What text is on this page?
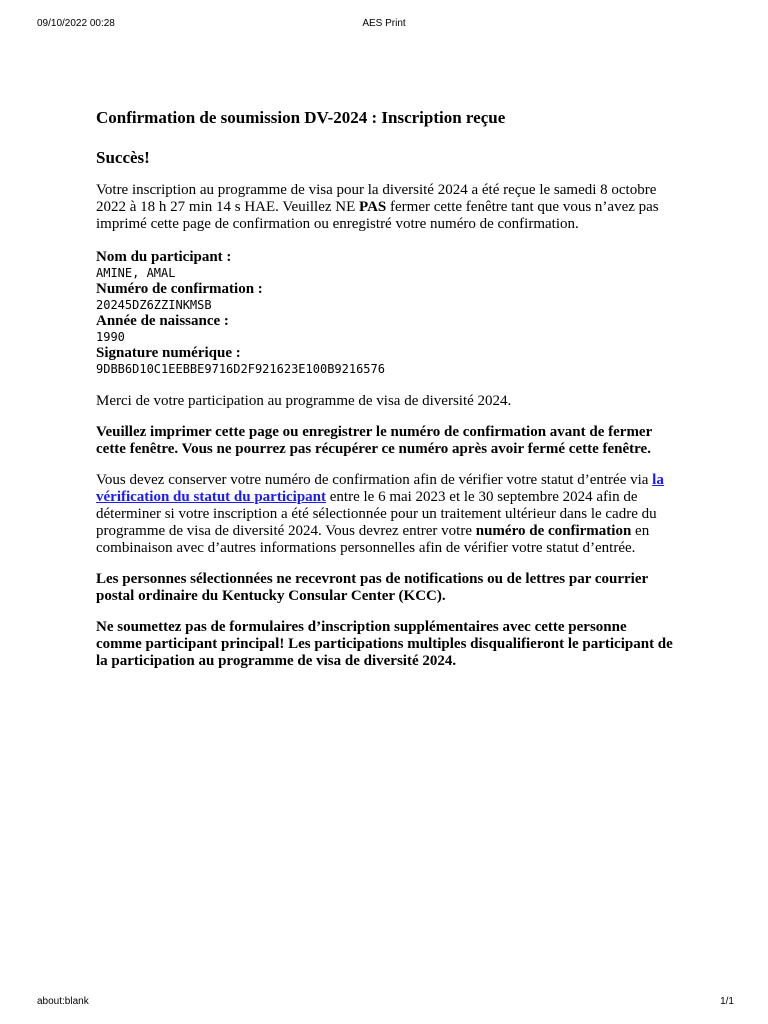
09/10/2022 00:28	AES Print
Confirmation de soumission DV-2024 : Inscription reçue
Succès!

Votre inscription au programme de visa pour la diversité 2024 a été reçue le samedi 8 octobre 2022 à 18 h 27 min 14 s HAE. Veuillez NE PAS fermer cette fenêtre tant que vous n’avez pas imprimé cette page de confirmation ou enregistré votre numéro de confirmation.

Nom du participant :
AMINE, AMAL
Numéro de confirmation :
20245DZ6ZZINKMSB
Année de naissance :
1990
Signature numérique :
9DBB6D10C1EEBBE9716D2F921623E100B9216576

Merci de votre participation au programme de visa de diversité 2024.

Veuillez imprimer cette page ou enregistrer le numéro de confirmation avant de fermer cette fenêtre. Vous ne pourrez pas récupérer ce numéro après avoir fermé cette fenêtre.

Vous devez conserver votre numéro de confirmation afin de vérifier votre statut d’entrée via la vérification du statut du participant entre le 6 mai 2023 et le 30 septembre 2024 afin de déterminer si votre inscription a été sélectionnée pour un traitement ultérieur dans le cadre du programme de visa de diversité 2024. Vous devrez entrer votre numéro de confirmation en combinaison avec d’autres informations personnelles afin de vérifier votre statut d’entrée.

Les personnes sélectionnées ne recevront pas de notifications ou de lettres par courrier postal ordinaire du Kentucky Consular Center (KCC).

Ne soumettez pas de formulaires d’inscription supplémentaires avec cette personne comme participant principal! Les participations multiples disqualifieront le participant de la participation au programme de visa de diversité 2024.

about:blank	1/1
